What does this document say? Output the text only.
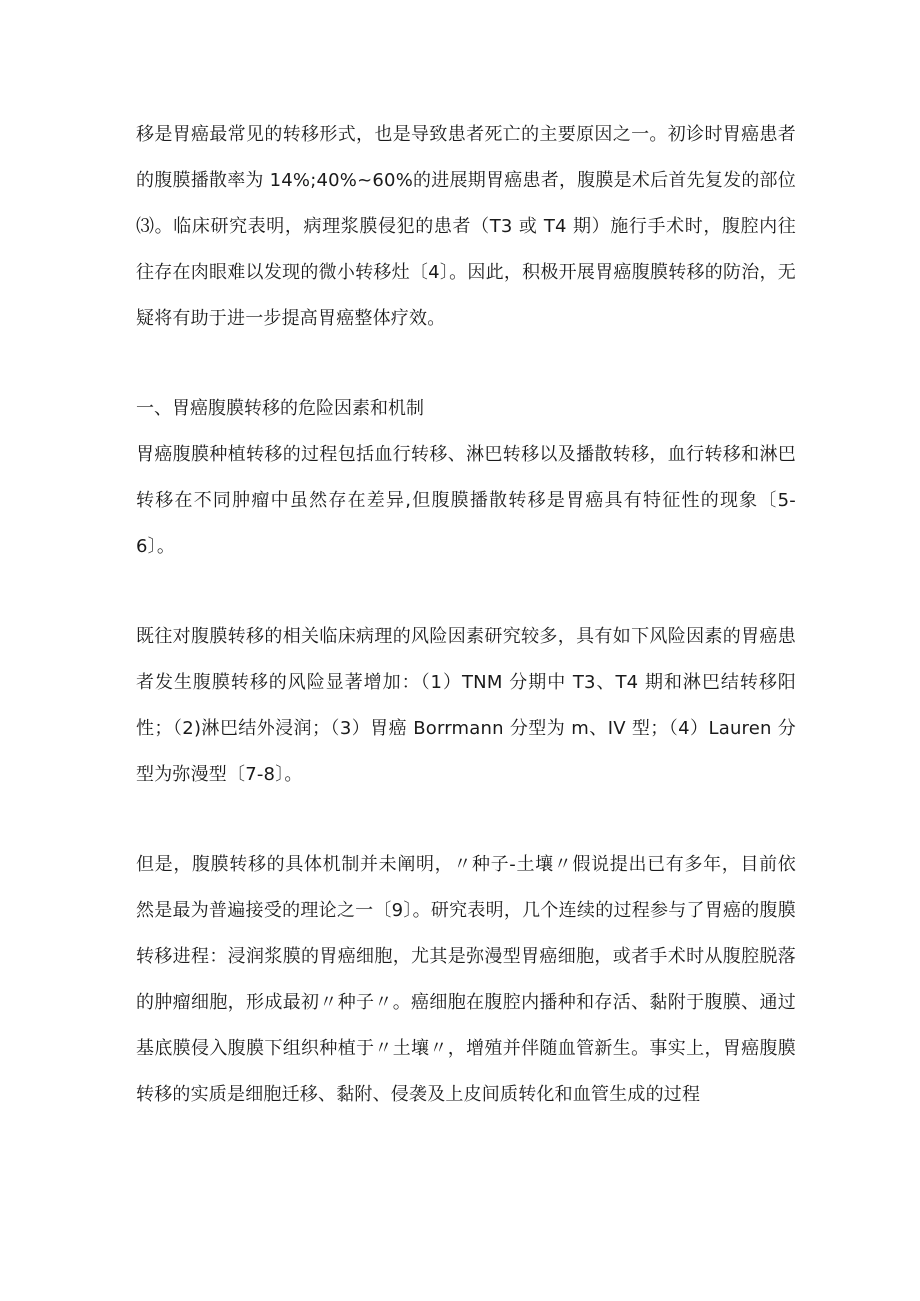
移是胃癌最常见的转移形式，也是导致患者死亡的主要原因之一。初诊时胃癌患者的腹膜播散率为 14%;40%~60%的进展期胃癌患者，腹膜是术后首先复发的部位⑶。临床研究表明，病理浆膜侵犯的患者（T3 或 T4 期）施行手术时，腹腔内往往存在肉眼难以发现的微小转移灶〔4〕。因此，积极开展胃癌腹膜转移的防治，无疑将有助于进一步提高胃癌整体疗效。

一、胃癌腹膜转移的危险因素和机制

胃癌腹膜种植转移的过程包括血行转移、淋巴转移以及播散转移，血行转移和淋巴转移在不同肿瘤中虽然存在差异,但腹膜播散转移是胃癌具有特征性的现象〔5-6〕。

既往对腹膜转移的相关临床病理的风险因素研究较多，具有如下风险因素的胃癌患者发生腹膜转移的风险显著增加：（1）TNM 分期中 T3、T4 期和淋巴结转移阳性；（2)淋巴结外浸润；（3）胃癌 Borrmann 分型为 m、IV 型；（4）Lauren 分型为弥漫型〔7-8〕。

但是，腹膜转移的具体机制并未阐明，〃种子-土壤〃假说提出已有多年，目前依然是最为普遍接受的理论之一〔9〕。研究表明，几个连续的过程参与了胃癌的腹膜转移进程：浸润浆膜的胃癌细胞，尤其是弥漫型胃癌细胞，或者手术时从腹腔脱落的肿瘤细胞，形成最初〃种子〃。癌细胞在腹腔内播种和存活、黏附于腹膜、通过基底膜侵入腹膜下组织种植于〃土壤〃，增殖并伴随血管新生。事实上，胃癌腹膜转移的实质是细胞迁移、黏附、侵袭及上皮间质转化和血管生成的过程
